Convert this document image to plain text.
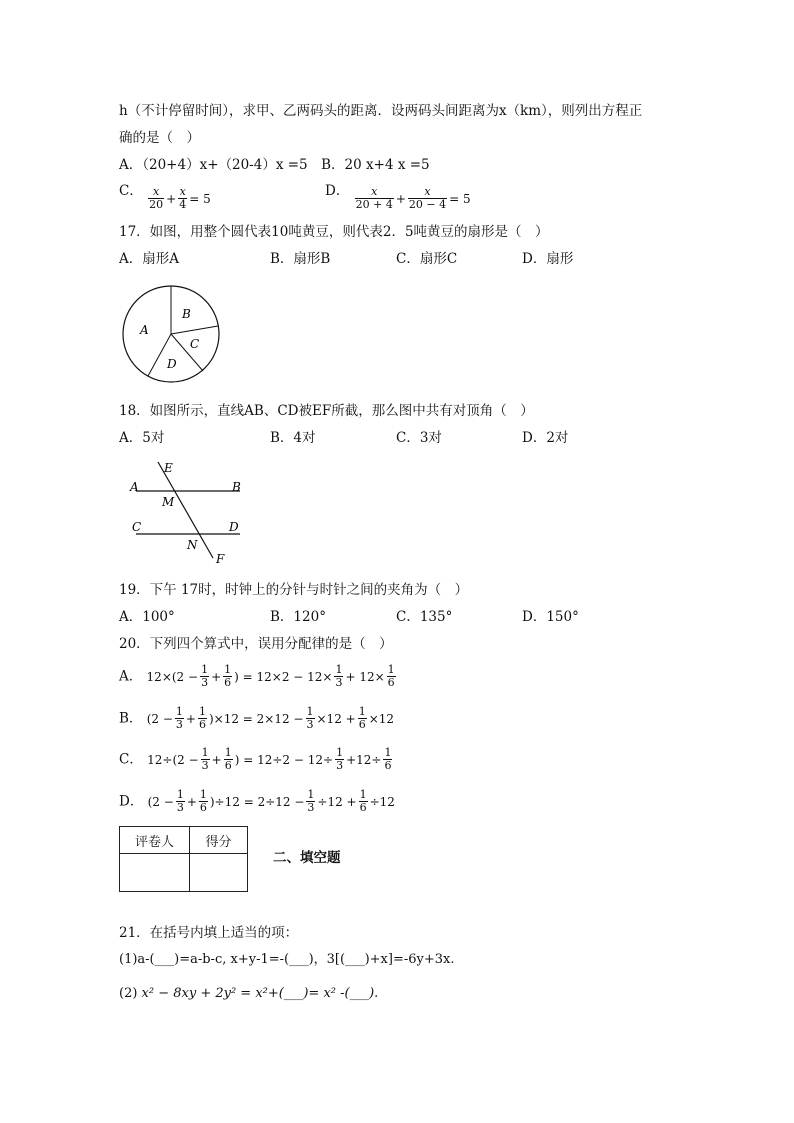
h（不计停留时间），求甲、乙两码头的距离．设两码头间距离为x（km），则列出方程正
确的是（　）
A．（20+4）x+（20-4）x =5　B．20 x+4 x =5
C． $\frac{x}{20} + \frac{x}{4} = 5$	D． $\frac{x}{20 + 4} + \frac{x}{20 - 4} = 5$
17．如图，用整个圆代表10吨黄豆，则代表2．5吨黄豆的扇形是（　）
A．扇形A	B．扇形B	C．扇形C	D．扇形
A
B
C
D
18．如图所示，直线AB、CD被EF所截，那么图中共有对顶角（　）
A．5对	B．4对	C．3对	D．2对
E
A	B
M
C	D
N
F
19．下午 17时，时钟上的分针与时针之间的夹角为（　）
A．100°	B．120°	C．135°	D．150°
20．下列四个算式中，误用分配律的是（　）
A． $12\times(2 - \frac{1}{3} + \frac{1}{6}$ ) = $12\times 2 - 12\times \frac{1}{3} + 12\times \frac{1}{6}$
B． $(2 - \frac{1}{3} + \frac{1}{6} )\times 12 = 2\times 12 - \frac{1}{3} \times 12 + \frac{1}{6} \times 12$
C． $12\div(2 - \frac{1}{3} + \frac{1}{6}$ ) = $12\div 2 - 12\div \frac{1}{3} +12\div \frac{1}{6}$
D． $(2 - \frac{1}{3} + \frac{1}{6} )\div 12 = 2\div 12 - \frac{1}{3} \div 12 + \frac{1}{6} \div 12$
评卷人	得分

二、填空题
21．在括号内填上适当的项：
(1)a-(___)=a-b-c, x+y-1=-(___)，3[(___)+x]=-6y+3x.
(2) x² − 8xy + 2y² = x²+(___)= x² -(___).
